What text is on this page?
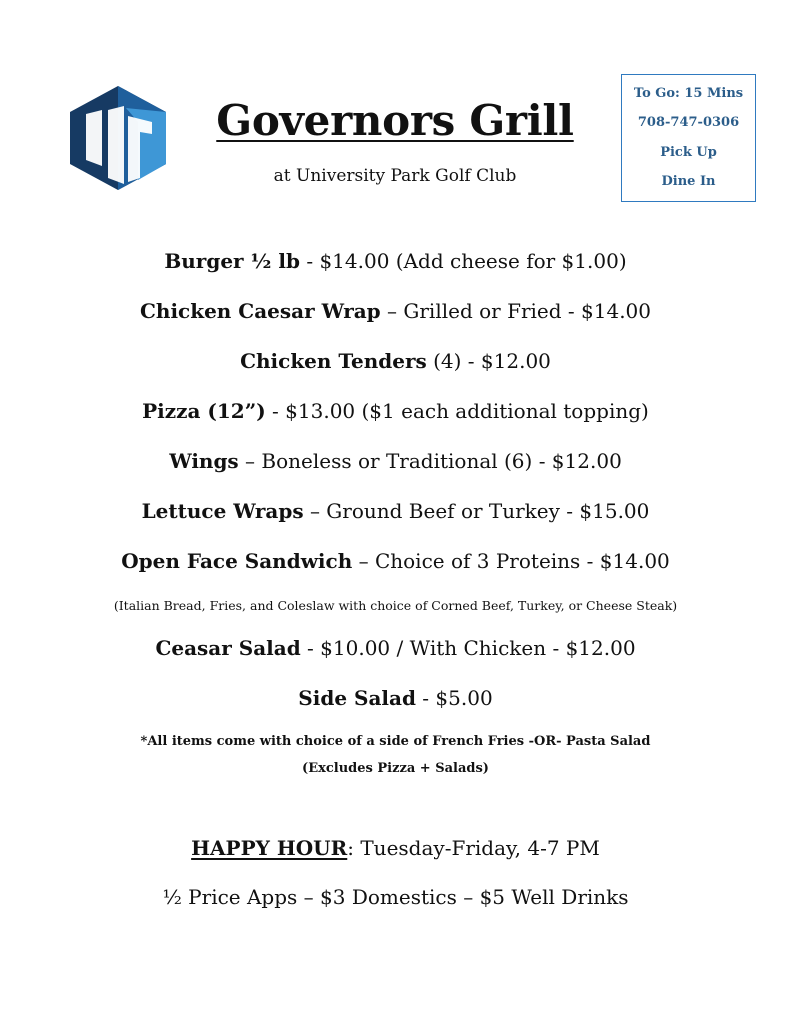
Governors Grill
at University Park Golf Club
To Go: 15 Mins
708-747-0306
Pick Up
Dine In
Burger ½ lb - $14.00 (Add cheese for $1.00)
Chicken Caesar Wrap – Grilled or Fried - $14.00
Chicken Tenders (4) - $12.00
Pizza (12”) - $13.00 ($1 each additional topping)
Wings – Boneless or Traditional (6) - $12.00
Lettuce Wraps – Ground Beef or Turkey - $15.00
Open Face Sandwich – Choice of 3 Proteins - $14.00
(Italian Bread, Fries, and Coleslaw with choice of Corned Beef, Turkey, or Cheese Steak)
Ceasar Salad - $10.00 / With Chicken - $12.00
Side Salad - $5.00
*All items come with choice of a side of French Fries -OR- Pasta Salad
(Excludes Pizza + Salads)
HAPPY HOUR: Tuesday-Friday, 4-7 PM
½ Price Apps – $3 Domestics – $5 Well Drinks
